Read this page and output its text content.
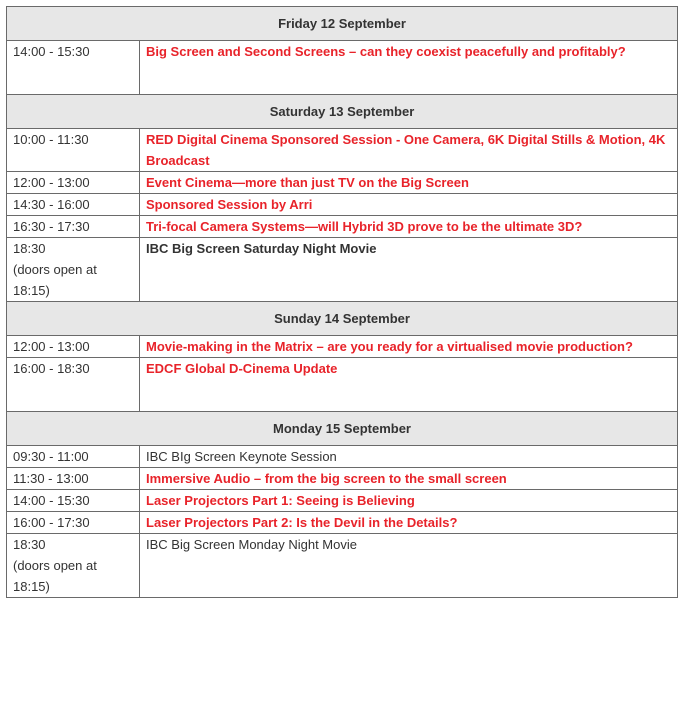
Friday 12 September	
14:00 - 15:30	Big Screen and Second Screens – can they coexist peacefully and profitably?
Saturday 13 September	
10:00 - 11:30	RED Digital Cinema Sponsored Session - One Camera, 6K Digital Stills & Motion, 4K Broadcast
12:00 - 13:00	Event Cinema—more than just TV on the Big Screen
14:30 - 16:00	Sponsored Session by Arri
16:30 - 17:30	Tri-focal Camera Systems—will Hybrid 3D prove to be the ultimate 3D?
18:30
(doors open at
18:15)	IBC Big Screen Saturday Night Movie
Sunday 14 September	
12:00 - 13:00	Movie-making in the Matrix – are you ready for a virtualised movie production?
16:00 - 18:30	EDCF Global D-Cinema Update
Monday 15 September	
09:30 - 11:00	IBC BIg Screen Keynote Session
11:30 - 13:00	Immersive Audio – from the big screen to the small screen
14:00 - 15:30	Laser Projectors Part 1: Seeing is Believing
16:00 - 17:30	Laser Projectors Part 2: Is the Devil in the Details?
18:30
(doors open at
18:15)	IBC Big Screen Monday Night Movie
